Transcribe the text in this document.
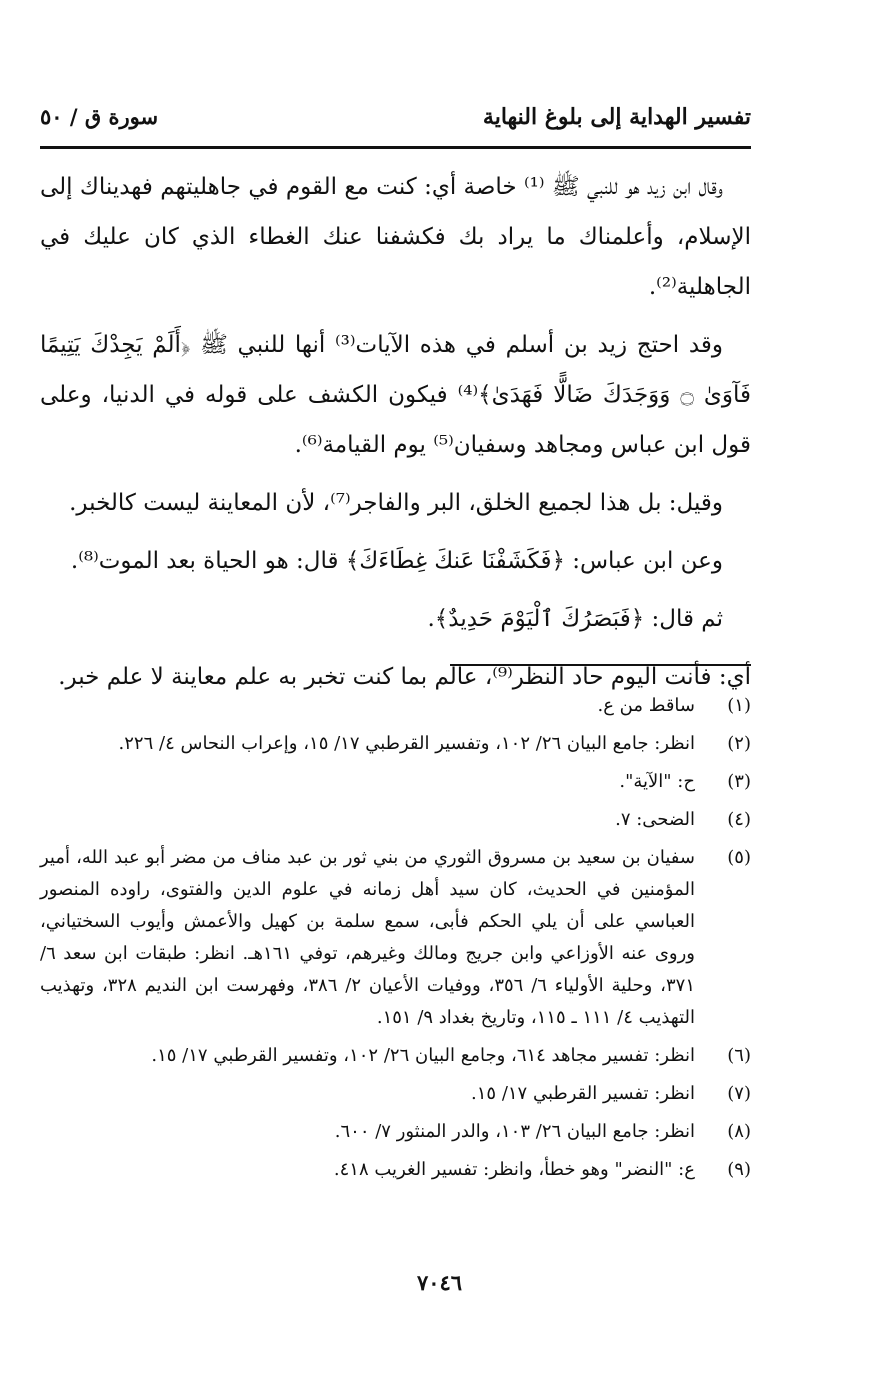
تفسير الهداية إلى بلوغ النهاية
سورة ق / ٥٠

وقال ابن زيد هو للنبي ﷺ ⁽¹⁾ خاصة أي: كنت مع القوم في جاهليتهم فهديناك إلى الإسلام، وأعلمناك ما يراد بك فكشفنا عنك الغطاء الذي كان عليك في الجاهلية⁽²⁾.

وقد احتج زيد بن أسلم في هذه الآيات⁽³⁾ أنها للنبي ﷺ ﴿أَلَمْ يَجِدْكَ يَتِيمًا فَآوَىٰ ۝ وَوَجَدَكَ ضَالًّا فَهَدَىٰ﴾⁽⁴⁾ فيكون الكشف على قوله في الدنيا، وعلى قول ابن عباس ومجاهد وسفيان⁽⁵⁾ يوم القيامة⁽⁶⁾.

وقيل: بل هذا لجميع الخلق، البر والفاجر⁽⁷⁾، لأن المعاينة ليست كالخبر.

وعن ابن عباس: ﴿فَكَشَفْنَا عَنكَ غِطَاءَكَ﴾ قال: هو الحياة بعد الموت⁽⁸⁾.

ثم قال: ﴿فَبَصَرُكَ ٱلْيَوْمَ حَدِيدٌ﴾.

أي: فأنت اليوم حاد النظر⁽⁹⁾، عالم بما كنت تخبر به علم معاينة لا علم خبر.

(١)
ساقط من ع.
(٢)
انظر: جامع البيان ٢٦/ ١٠٢، وتفسير القرطبي ١٧/ ١٥، وإعراب النحاس ٤/ ٢٢٦.
(٣)
ح: "الآية".
(٤)
الضحى: ٧.
(٥)
سفيان بن سعيد بن مسروق الثوري من بني ثور بن عبد مناف من مضر أبو عبد الله، أمير المؤمنين في الحديث، كان سيد أهل زمانه في علوم الدين والفتوى، راوده المنصور العباسي على أن يلي الحكم فأبى، سمع سلمة بن كهيل والأعمش وأيوب السختياني، وروى عنه الأوزاعي وابن جريج ومالك وغيرهم، توفي ١٦١هـ. انظر: طبقات ابن سعد ٦/ ٣٧١، وحلية الأولياء ٦/ ٣٥٦، ووفيات الأعيان ٢/ ٣٨٦، وفهرست ابن النديم ٣٢٨، وتهذيب التهذيب ٤/ ١١١ ـ ١١٥، وتاريخ بغداد ٩/ ١٥١.
(٦)
انظر: تفسير مجاهد ٦١٤، وجامع البيان ٢٦/ ١٠٢، وتفسير القرطبي ١٧/ ١٥.
(٧)
انظر: تفسير القرطبي ١٧/ ١٥.
(٨)
انظر: جامع البيان ٢٦/ ١٠٣، والدر المنثور ٧/ ٦٠٠.
(٩)
ع: "النضر" وهو خطأ، وانظر: تفسير الغريب ٤١٨.
٧٠٤٦
